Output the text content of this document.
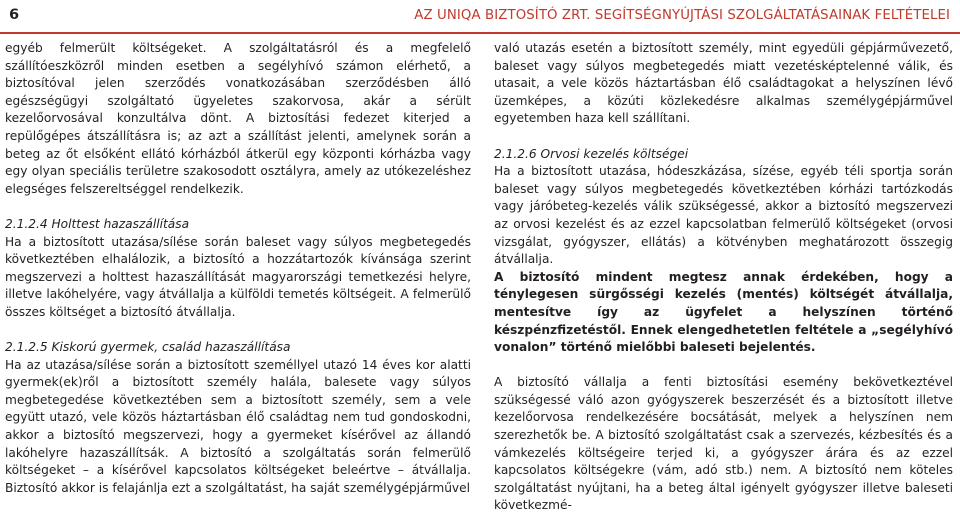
6	AZ UNIQA BIZTOSÍTÓ ZRT. SEGÍTSÉGNYÚJTÁSI SZOLGÁLTATÁSAINAK FELTÉTELEI

egyéb felmerült költségeket. A szolgáltatásról és a megfelelő szállítóeszközről minden esetben a segélyhívó számon elérhető, a biztosítóval jelen szerződés vonatkozásában szerződésben álló egészségügyi szolgáltató ügyeletes szakorvosa, akár a sérült kezelőorvosával konzultálva dönt. A biztosítási fedezet kiterjed a repülőgépes átszállításra is; az azt a szállítást jelenti, amelynek során a beteg az őt elsőként ellátó kórházból átkerül egy központi kórházba vagy egy olyan speciális területre szakosodott osztályra, amely az utókezeléshez elegséges felszereltséggel rendelkezik.

2.1.2.4 Holttest hazaszállítása

Ha a biztosított utazása/sílése során baleset vagy súlyos megbetegedés következtében elhalálozik, a biztosító a hozzátartozók kívánsága szerint megszervezi a holttest hazaszállítását magyarországi temetkezési helyre, illetve lakóhelyére, vagy átvállalja a külföldi temetés költségeit. A felmerülő összes költséget a biztosító átvállalja.

2.1.2.5 Kiskorú gyermek, család hazaszállítása

Ha az utazása/sílése során a biztosított személlyel utazó 14 éves kor alatti gyermek(ek)ről a biztosított személy halála, balesete vagy súlyos megbetegedése következtében sem a biztosított személy, sem a vele együtt utazó, vele közös háztartásban élő családtag nem tud gondoskodni, akkor a biztosító megszervezi, hogy a gyermeket kísérővel az állandó lakóhelyre hazaszállítsák. A biztosító a szolgáltatás során felmerülő költségeket – a kísérővel kapcsolatos költségeket beleértve – átvállalja. Biztosító akkor is felajánlja ezt a szolgáltatást, ha saját személygépjárművel

való utazás esetén a biztosított személy, mint egyedüli gépjárművezető, baleset vagy súlyos megbetegedés miatt vezetésképtelenné válik, és utasait, a vele közös háztartásban élő családtagokat a helyszínen lévő üzemképes, a közúti közlekedésre alkalmas személygépjárművel egyetemben haza kell szállítani.

2.1.2.6 Orvosi kezelés költségei

Ha a biztosított utazása, hódeszkázása, sízése, egyéb téli sportja során baleset vagy súlyos megbetegedés következtében kórházi tartózkodás vagy járóbeteg-kezelés válik szükségessé, akkor a biztosító megszervezi az orvosi kezelést és az ezzel kapcsolatban felmerülő költségeket (orvosi vizsgálat, gyógyszer, ellátás) a kötvényben meghatározott összegig átvállalja.

A biztosító mindent megtesz annak érdekében, hogy a ténylegesen sürgősségi kezelés (mentés) költségét átvállalja, mentesítve így az ügyfelet a helyszínen történő készpénzfizetéstől. Ennek elengedhetetlen feltétele a „segélyhívó vonalon” történő mielőbbi baleseti bejelentés.

A biztosító vállalja a fenti biztosítási esemény bekövetkeztével szükségessé váló azon gyógyszerek beszerzését és a biztosított illetve kezelőorvosa rendelkezésére bocsátását, melyek a helyszínen nem szerezhetők be. A biztosító szolgáltatást csak a szervezés, kézbesítés és a vámkezelés költségeire terjed ki, a gyógyszer árára és az ezzel kapcsolatos költségekre (vám, adó stb.) nem. A biztosító nem köteles szolgáltatást nyújtani, ha a beteg által igényelt gyógyszer illetve baleseti következmé-
